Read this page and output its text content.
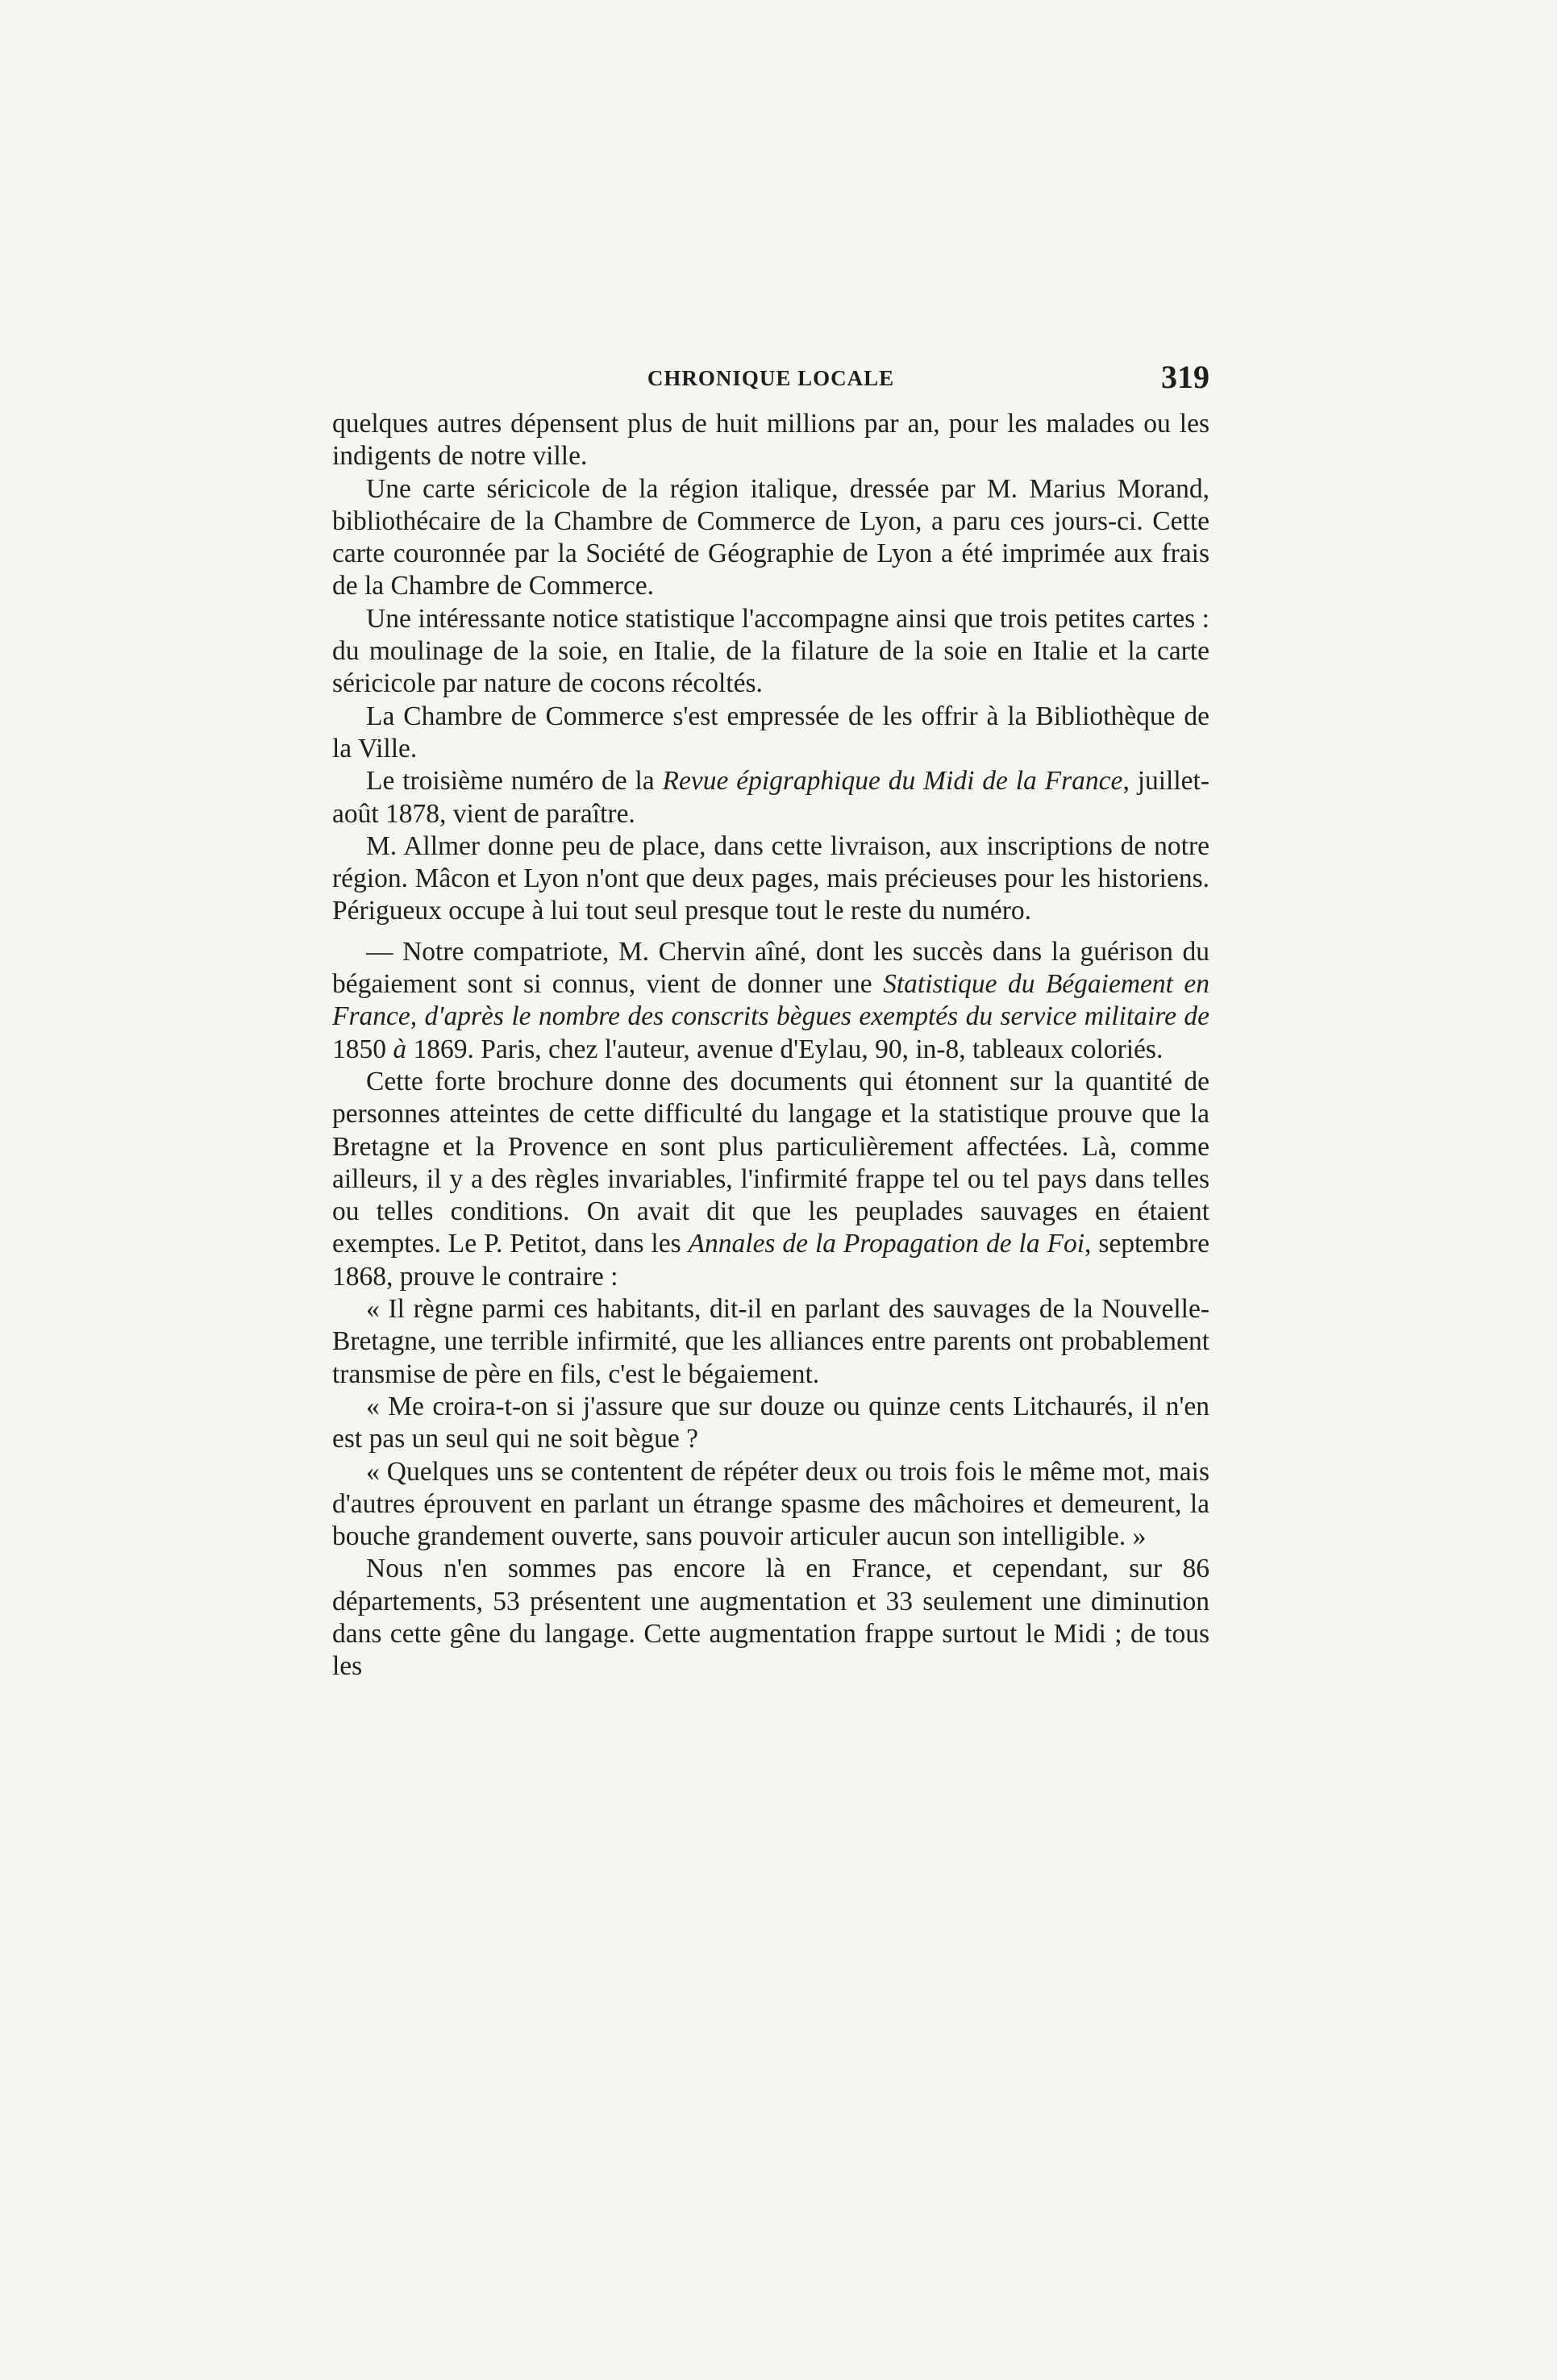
CHRONIQUE LOCALE	319

quelques autres dépensent plus de huit millions par an, pour les malades ou les indigents de notre ville.

Une carte séricicole de la région italique, dressée par M. Marius Morand, bibliothécaire de la Chambre de Commerce de Lyon, a paru ces jours-ci. Cette carte couronnée par la Société de Géographie de Lyon a été imprimée aux frais de la Chambre de Commerce.

Une intéressante notice statistique l'accompagne ainsi que trois petites cartes : du moulinage de la soie, en Italie, de la filature de la soie en Italie et la carte séricicole par nature de cocons récoltés.

La Chambre de Commerce s'est empressée de les offrir à la Bibliothèque de la Ville.

Le troisième numéro de la Revue épigraphique du Midi de la France, juillet-août 1878, vient de paraître.

M. Allmer donne peu de place, dans cette livraison, aux inscriptions de notre région. Mâcon et Lyon n'ont que deux pages, mais précieuses pour les historiens. Périgueux occupe à lui tout seul presque tout le reste du numéro.

— Notre compatriote, M. Chervin aîné, dont les succès dans la guérison du bégaiement sont si connus, vient de donner une Statistique du Bégaiement en France, d'après le nombre des conscrits bègues exemptés du service militaire de 1850 à 1869. Paris, chez l'auteur, avenue d'Eylau, 90, in-8, tableaux coloriés.

Cette forte brochure donne des documents qui étonnent sur la quantité de personnes atteintes de cette difficulté du langage et la statistique prouve que la Bretagne et la Provence en sont plus particulièrement affectées. Là, comme ailleurs, il y a des règles invariables, l'infirmité frappe tel ou tel pays dans telles ou telles conditions. On avait dit que les peuplades sauvages en étaient exemptes. Le P. Petitot, dans les Annales de la Propagation de la Foi, septembre 1868, prouve le contraire :

« Il règne parmi ces habitants, dit-il en parlant des sauvages de la Nouvelle-Bretagne, une terrible infirmité, que les alliances entre parents ont probablement transmise de père en fils, c'est le bégaiement.

« Me croira-t-on si j'assure que sur douze ou quinze cents Litchaurés, il n'en est pas un seul qui ne soit bègue ?

« Quelques uns se contentent de répéter deux ou trois fois le même mot, mais d'autres éprouvent en parlant un étrange spasme des mâchoires et demeurent, la bouche grandement ouverte, sans pouvoir articuler aucun son intelligible. »

Nous n'en sommes pas encore là en France, et cependant, sur 86 départements, 53 présentent une augmentation et 33 seulement une diminution dans cette gêne du langage. Cette augmentation frappe surtout le Midi ; de tous les
